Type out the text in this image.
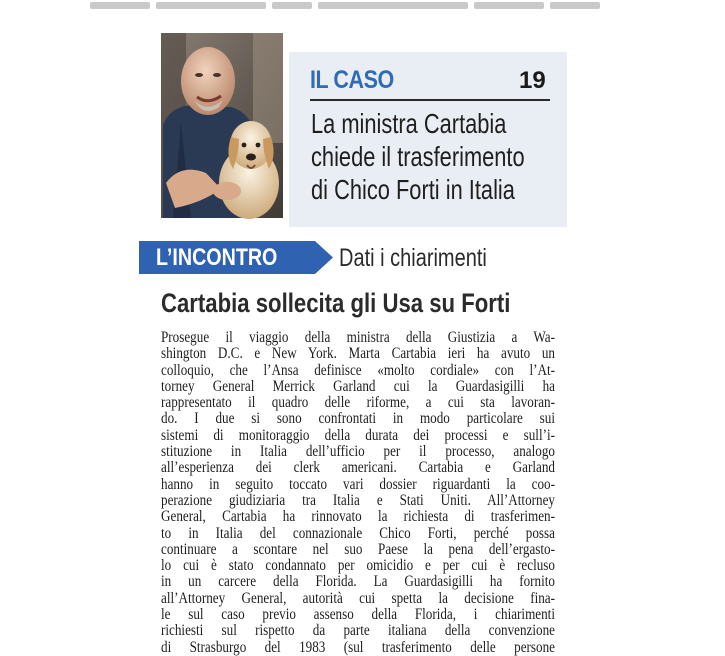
IL CASO	19
La ministra Cartabia
chiede il trasferimento
di Chico Forti in Italia
L’INCONTRO Dati i chiarimenti
Cartabia sollecita gli Usa su Forti
Prosegue il viaggio della ministra della Giustizia a Wa-
shington D.C. e New York. Marta Cartabia ieri ha avuto un
colloquio, che l’Ansa definisce «molto cordiale» con l’At-
torney General Merrick Garland cui la Guardasigilli ha
rappresentato il quadro delle riforme, a cui sta lavoran-
do. I due si sono confrontati in modo particolare sui
sistemi di monitoraggio della durata dei processi e sull’i-
stituzione in Italia dell’ufficio per il processo, analogo
all’esperienza dei clerk americani. Cartabia e Garland
hanno in seguito toccato vari dossier riguardanti la coo-
perazione giudiziaria tra Italia e Stati Uniti. All’Attorney
General, Cartabia ha rinnovato la richiesta di trasferimen-
to in Italia del connazionale Chico Forti, perché possa
continuare a scontare nel suo Paese la pena dell’ergasto-
lo cui è stato condannato per omicidio e per cui è recluso
in un carcere della Florida. La Guardasigilli ha fornito
all’Attorney General, autorità cui spetta la decisione fina-
le sul caso previo assenso della Florida, i chiarimenti
richiesti sul rispetto da parte italiana della convenzione
di Strasburgo del 1983 (sul trasferimento delle persone
